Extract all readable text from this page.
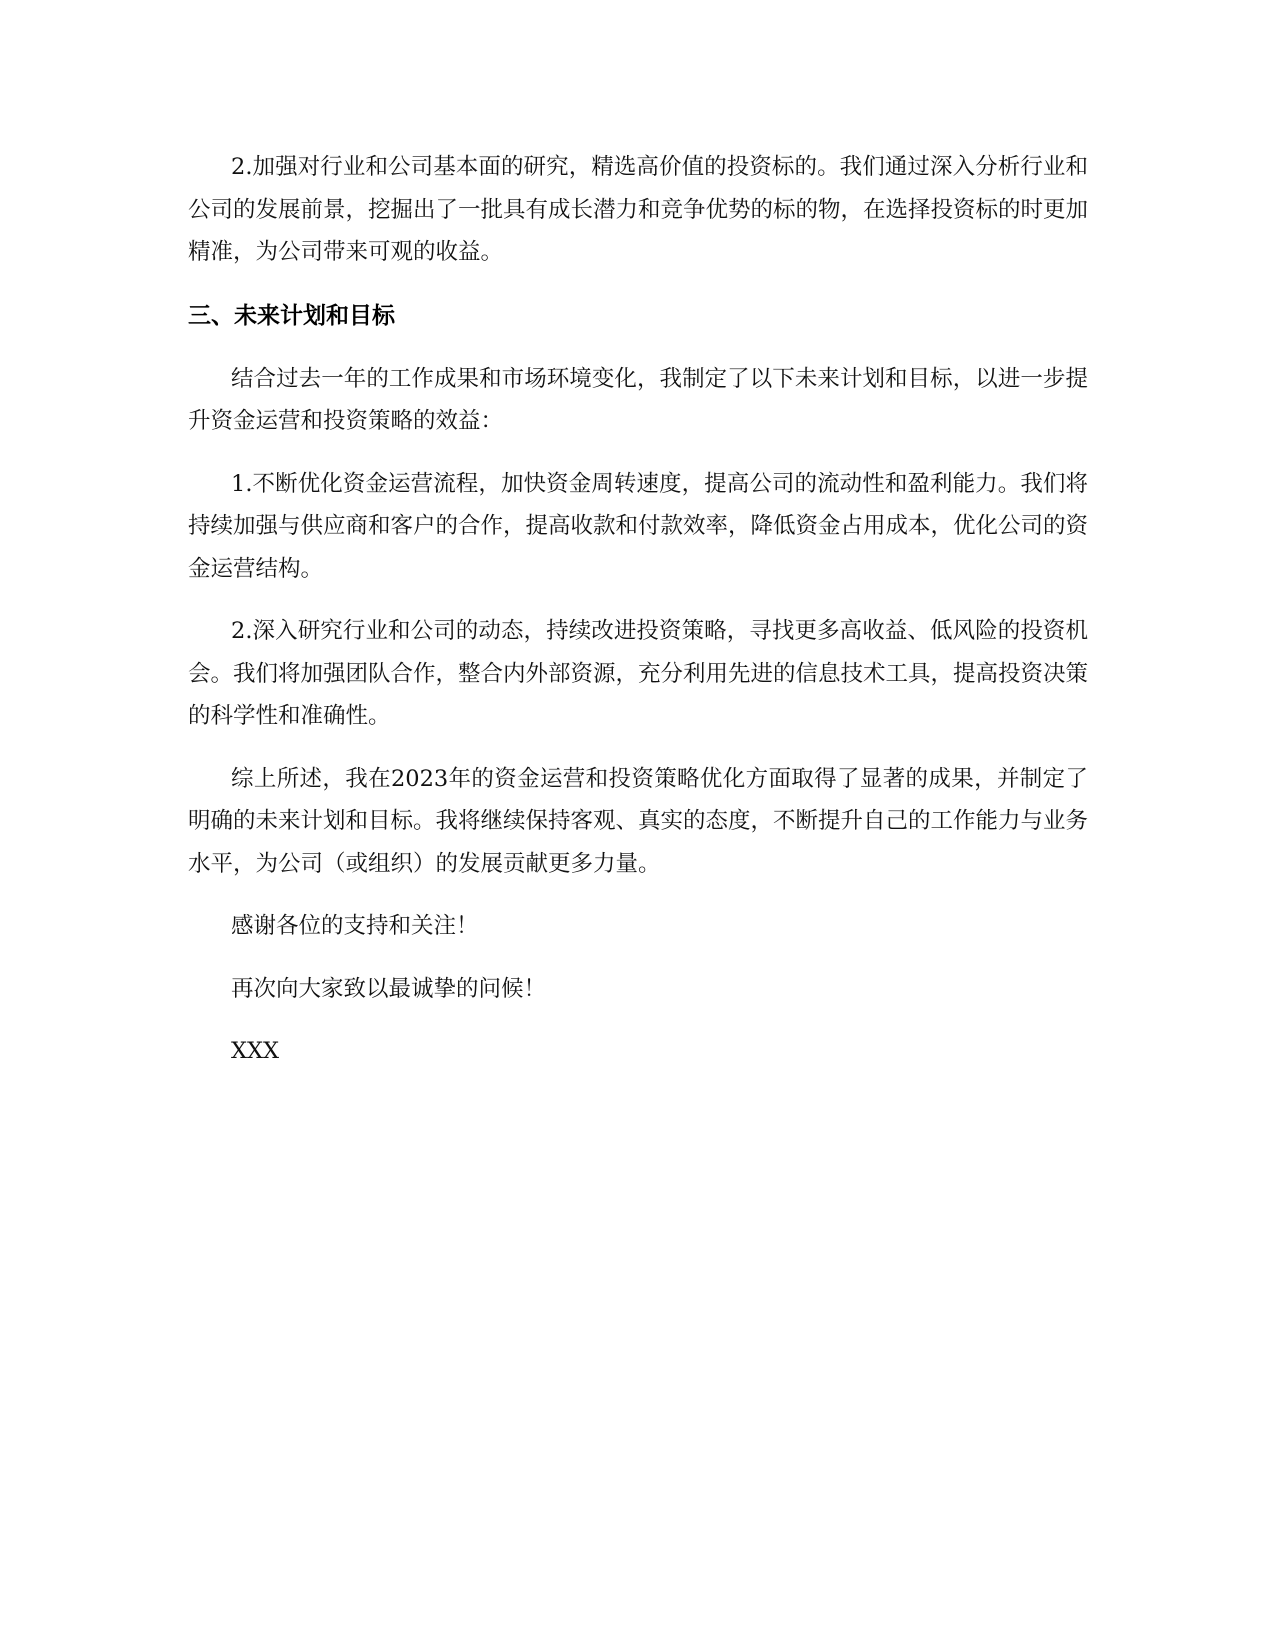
2.加强对行业和公司基本面的研究，精选高价值的投资标的。我们通过深入分析行业和公司的发展前景，挖掘出了一批具有成长潜力和竞争优势的标的物，在选择投资标的时更加精准，为公司带来可观的收益。

三、未来计划和目标

结合过去一年的工作成果和市场环境变化，我制定了以下未来计划和目标，以进一步提升资金运营和投资策略的效益：

1.不断优化资金运营流程，加快资金周转速度，提高公司的流动性和盈利能力。我们将持续加强与供应商和客户的合作，提高收款和付款效率，降低资金占用成本，优化公司的资金运营结构。

2.深入研究行业和公司的动态，持续改进投资策略，寻找更多高收益、低风险的投资机会。我们将加强团队合作，整合内外部资源，充分利用先进的信息技术工具，提高投资决策的科学性和准确性。

综上所述，我在2023年的资金运营和投资策略优化方面取得了显著的成果，并制定了明确的未来计划和目标。我将继续保持客观、真实的态度，不断提升自己的工作能力与业务水平，为公司（或组织）的发展贡献更多力量。

感谢各位的支持和关注！

再次向大家致以最诚挚的问候！

XXX
